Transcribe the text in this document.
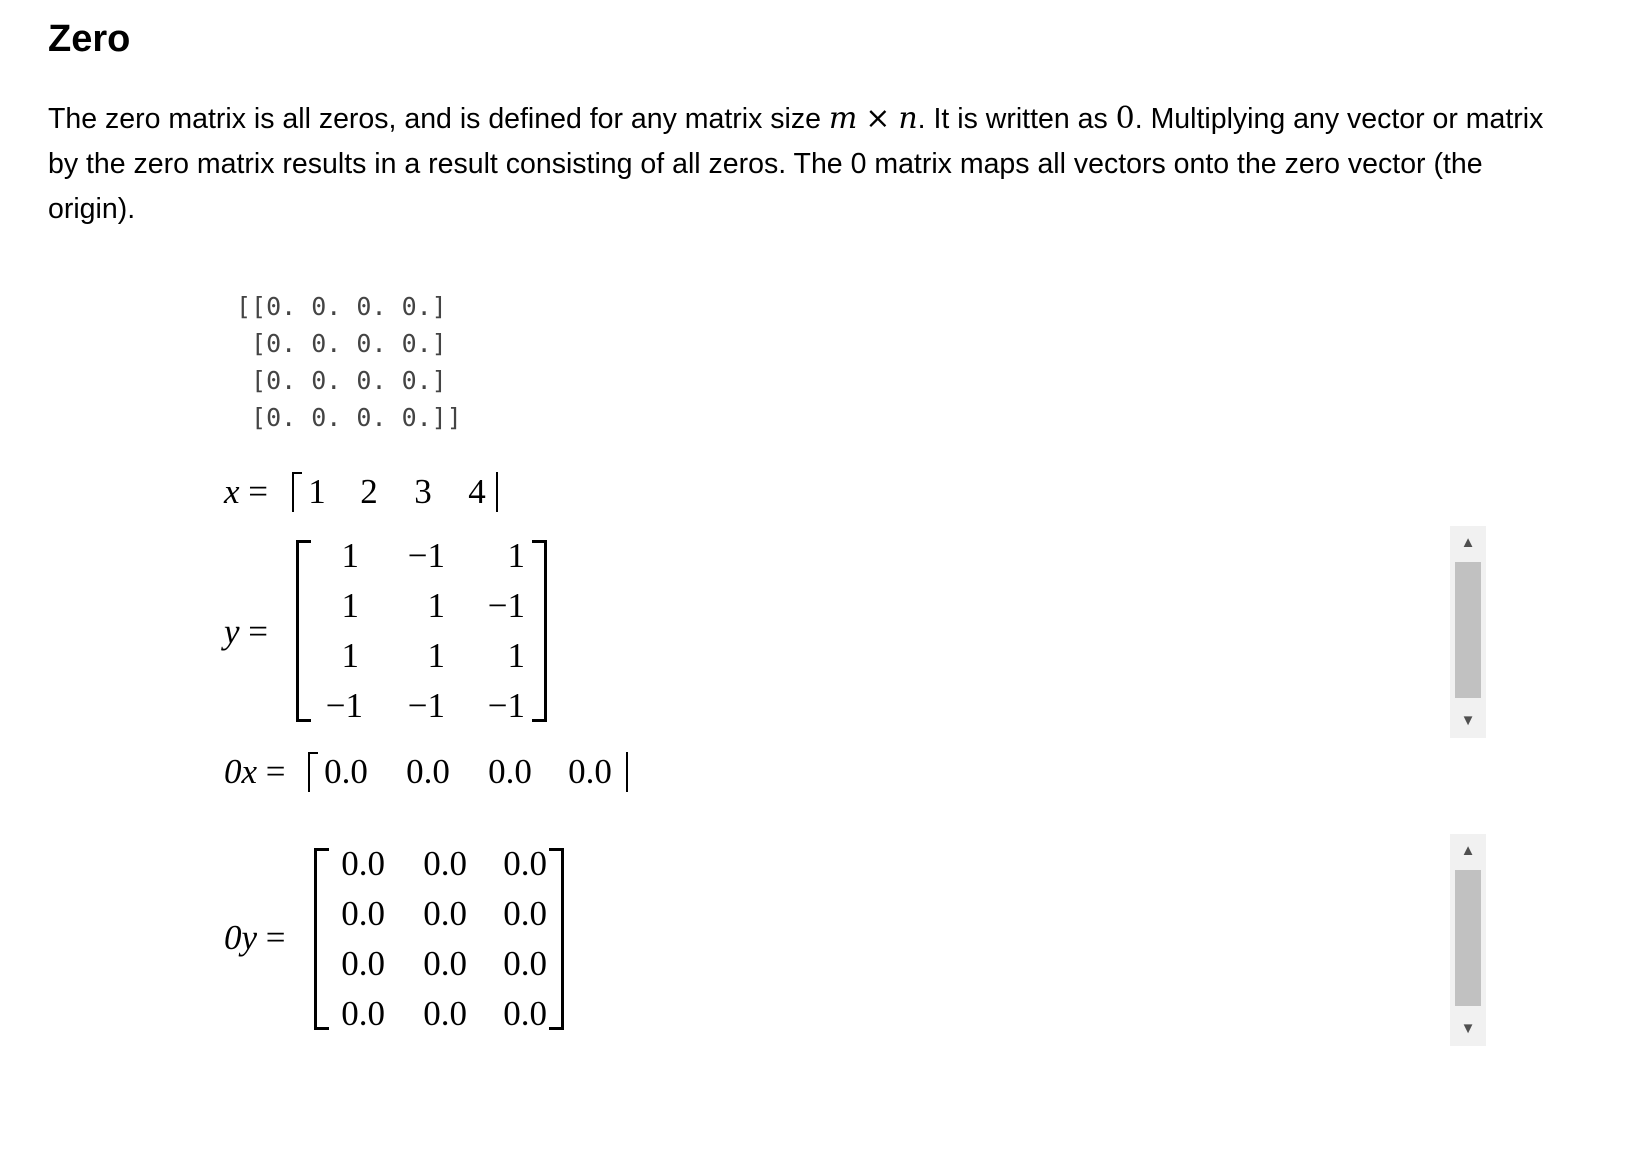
Zero

The zero matrix is all zeros, and is defined for any matrix size m × n. It is written as 0. Multiplying any vector or matrix by the zero matrix results in a result consisting of all zeros. The 0 matrix maps all vectors onto the zero vector (the origin).

[[0. 0. 0. 0.]
[0. 0. 0. 0.]
[0. 0. 0. 0.]
[0. 0. 0. 0.]]
x = 1 2 3 4
y =
1	−1	1
1	1	−1
1	1	1
−1	−1	−1
▲
▼
0x = 0.0 0.0 0.0 0.0
0y =
0.0 0.0 0.0
0.0 0.0 0.0
0.0 0.0 0.0
0.0 0.0 0.0
▲
▼
